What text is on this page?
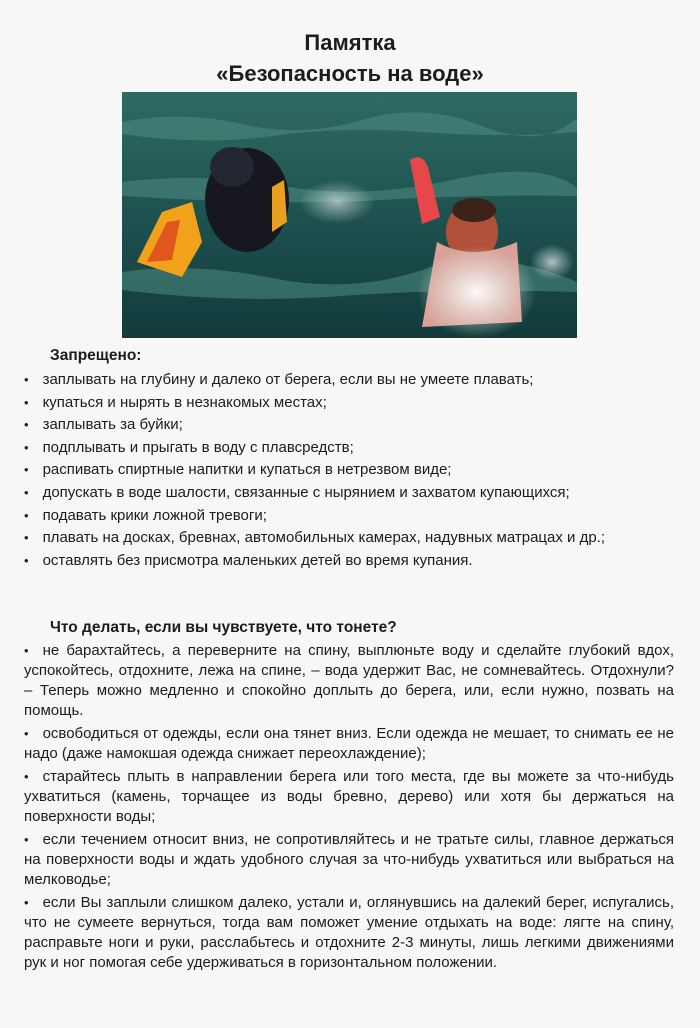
Памятка
«Безопасность на воде»
Запрещено:
• заплывать на глубину и далеко от берега, если вы не умеете плавать;
• купаться и нырять в незнакомых местах;
• заплывать за буйки;
• подплывать и прыгать в воду с плавсредств;
• распивать спиртные напитки и купаться в нетрезвом виде;
• допускать в воде шалости, связанные с нырянием и захватом купающихся;
• подавать крики ложной тревоги;
• плавать на досках, бревнах, автомобильных камерах, надувных матрацах и др.;
• оставлять без присмотра маленьких детей во время купания.
Что делать, если вы чувствуете, что тонете?
• не барахтайтесь, а переверните на спину, выплюньте воду и сделайте глубокий вдох, успокойтесь, отдохните, лежа на спине, – вода удержит Вас, не сомневайтесь. Отдохнули? – Теперь можно медленно и спокойно доплыть до берега, или, если нужно, позвать на помощь.
• освободиться от одежды, если она тянет вниз. Если одежда не мешает, то снимать ее не надо (даже намокшая одежда снижает переохлаждение);
• старайтесь плыть в направлении берега или того места, где вы можете за что-нибудь ухватиться (камень, торчащее из воды бревно, дерево) или хотя бы держаться на поверхности воды;
• если течением относит вниз, не сопротивляйтесь и не тратьте силы, главное держаться на поверхности воды и ждать удобного случая за что-нибудь ухватиться или выбраться на мелководье;
• если Вы заплыли слишком далеко, устали и, оглянувшись на далекий берег, испугались, что не сумеете вернуться, тогда вам поможет умение отдыхать на воде: лягте на спину, расправьте ноги и руки, расслабьтесь и отдохните 2-3 минуты, лишь легкими движениями рук и ног помогая себе удерживаться в горизонтальном положении.
